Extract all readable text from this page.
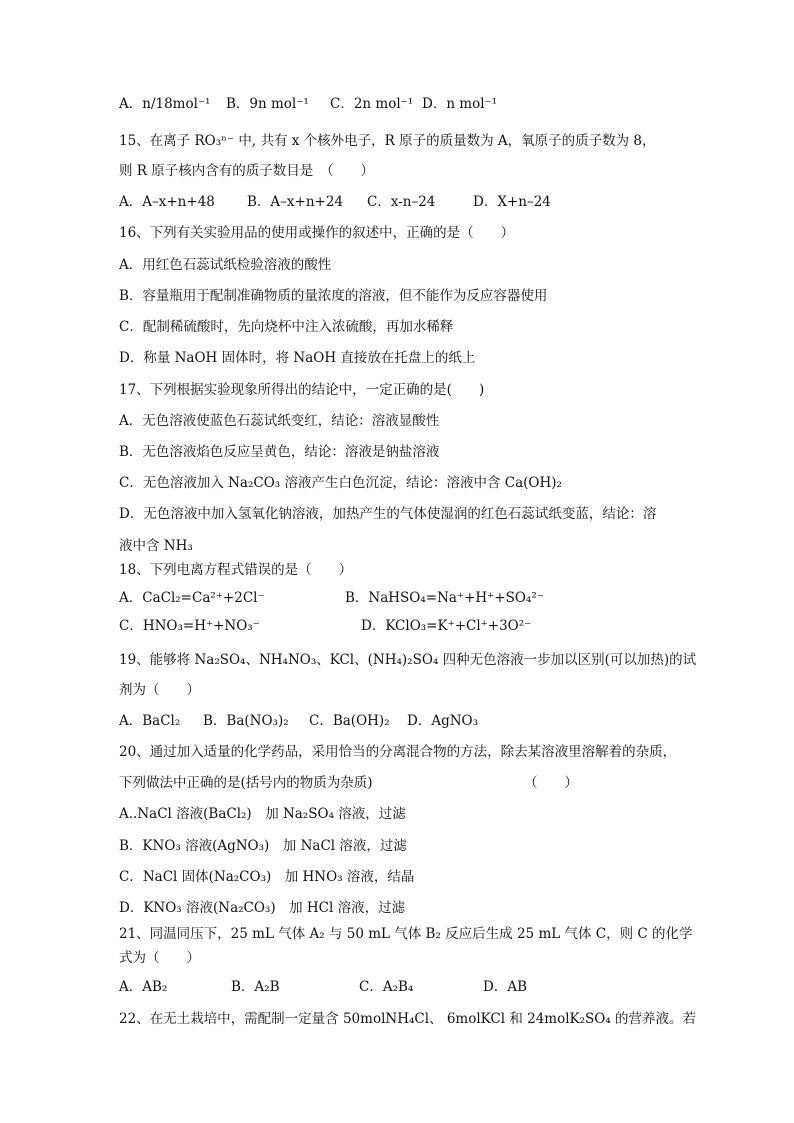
A．n/18mol⁻¹ B．9n mol⁻¹ C．2n mol⁻¹ D．n mol⁻¹
15、在离子 RO₃ⁿ⁻ 中, 共有 x 个核外电子，R 原子的质量数为 A，氧原子的质子数为 8，
则 R 原子核内含有的质子数目是　（　　）
A．A–x+n+48 B．A–x+n+24 C．x-n–24	D．X+n–24
16、下列有关实验用品的使用或操作的叙述中，正确的是（　　）
A．用红色石蕊试纸检验溶液的酸性
B．容量瓶用于配制准确物质的量浓度的溶液，但不能作为反应容器使用
C．配制稀硫酸时，先向烧杯中注入浓硫酸，再加水稀释
D．称量 NaOH 固体时，将 NaOH 直接放在托盘上的纸上
17、下列根据实验现象所得出的结论中，一定正确的是(　　)
A．无色溶液使蓝色石蕊试纸变红，结论：溶液显酸性
B．无色溶液焰色反应呈黄色，结论：溶液是钠盐溶液
C．无色溶液加入 Na₂CO₃ 溶液产生白色沉淀，结论：溶液中含 Ca(OH)₂
D．无色溶液中加入氢氧化钠溶液，加热产生的气体使湿润的红色石蕊试纸变蓝，结论：溶
液中含 NH₃
18、下列电离方程式错误的是（　　）
A．CaCl₂=Ca²⁺+2Cl⁻	B．NaHSO₄=Na⁺+H⁺+SO₄²⁻
C．HNO₃=H⁺+NO₃⁻	D．KClO₃=K⁺+Cl⁺+3O²⁻
19、能够将 Na₂SO₄、NH₄NO₃、KCl、(NH₄)₂SO₄ 四种无色溶液一步加以区别(可以加热)的试
剂为（　　）
A．BaCl₂ B．Ba(NO₃)₂ C．Ba(OH)₂ D．AgNO₃
20、通过加入适量的化学药品，采用恰当的分离混合物的方法，除去某溶液里溶解着的杂质，
下列做法中正确的是(括号内的物质为杂质)	（　　）
A..NaCl 溶液(BaCl₂)　加 Na₂SO₄ 溶液，过滤
B．KNO₃ 溶液(AgNO₃)　加 NaCl 溶液，过滤
C．NaCl 固体(Na₂CO₃)　加 HNO₃ 溶液，结晶
D．KNO₃ 溶液(Na₂CO₃)　加 HCl 溶液，过滤
21、同温同压下，25 mL 气体 A₂ 与 50 mL 气体 B₂ 反应后生成 25 mL 气体 C，则 C 的化学
式为（　　）
A．AB₂	B．A₂B​​​​	C．A₂B₄	D．AB​​​​
22、在无土栽培中，需配制一定量含 50molNH₄Cl、 6molKCl 和 24molK₂SO₄ 的营养液。若
